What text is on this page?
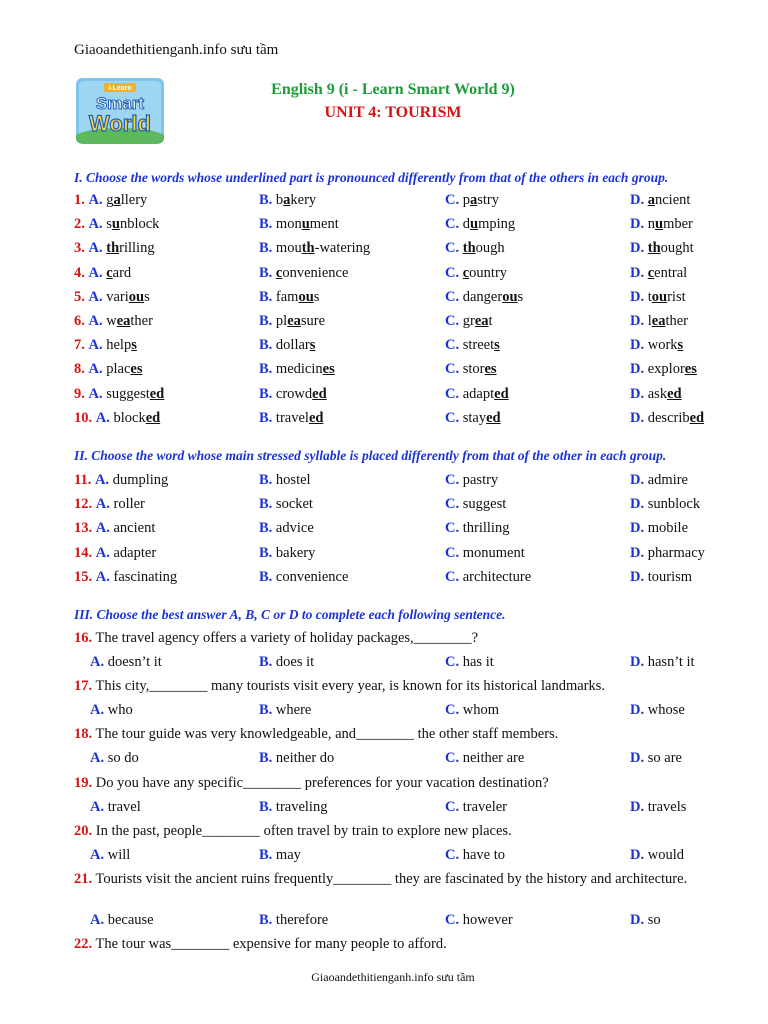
Giaoandethitienganh.info sưu tầm
i-Learn
Smart
World
English 9 (i - Learn Smart World 9)
UNIT 4: TOURISM
I. Choose the words whose underlined part is pronounced differently from that of the others in each group.
1. A. gallery	B. bakery	C. pastry	D. ancient
2. A. sunblock	B. monument	C. dumping	D. number
3. A. thrilling	B. mouth-watering	C. though	D. thought
4. A. card	B. convenience	C. country	D. central
5. A. various	B. famous	C. dangerous	D. tourist
6. A. weather	B. pleasure	C. great	D. leather
7. A. helps	B. dollars	C. streets	D. works
8. A. places	B. medicines	C. stores	D. explores
9. A. suggested	B. crowded	C. adapted	D. asked
10. A. blocked	B. traveled	C. stayed	D. described
II. Choose the word whose main stressed syllable is placed differently from that of the other in each group.
11. A. dumpling	B. hostel	C. pastry	D. admire
12. A. roller	B. socket	C. suggest	D. sunblock
13. A. ancient	B. advice	C. thrilling	D. mobile
14. A. adapter	B. bakery	C. monument	D. pharmacy
15. A. fascinating	B. convenience	C. architecture	D. tourism
III. Choose the best answer A, B, C or D to complete each following sentence.
16. The travel agency offers a variety of holiday packages,________?
A. doesn’t it	B. does it	C. has it	D. hasn’t it
17. This city,________ many tourists visit every year, is known for its historical landmarks.
A. who	B. where	C. whom	D. whose
18. The tour guide was very knowledgeable, and________ the other staff members.
A. so do	B. neither do	C. neither are	D. so are
19. Do you have any specific________ preferences for your vacation destination?
A. travel	B. traveling	C. traveler	D. travels
20. In the past, people________ often travel by train to explore new places.
A. will	B. may	C. have to	D. would
21. Tourists visit the ancient ruins frequently________ they are fascinated by the history and architecture.
A. because	B. therefore	C. however	D. so
22. The tour was________ expensive for many people to afford.
Giaoandethitienganh.info sưu tầm
